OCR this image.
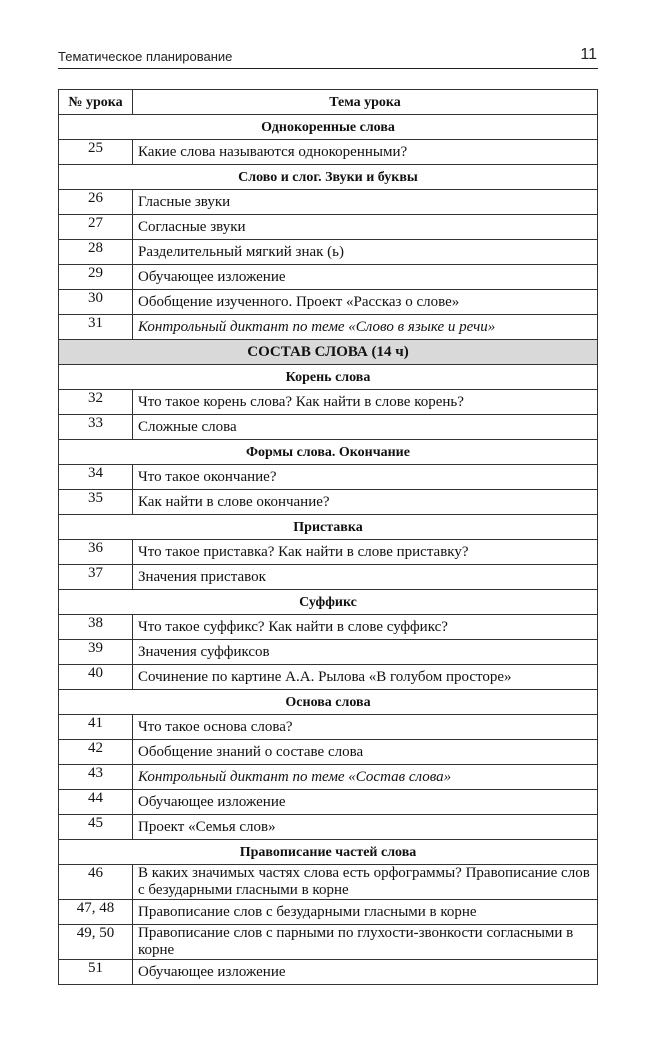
Тематическое планирование	11
№ урока	Тема урока
Однокоренные слова	
25	Какие слова называются однокоренными?
Слово и слог. Звуки и буквы	
26	Гласные звуки
27	Согласные звуки
28	Разделительный мягкий знак (ь)
29	Обучающее изложение
30	Обобщение изученного. Проект «Рассказ о слове»
31	Контрольный диктант по теме «Слово в языке и речи»
СОСТАВ СЛОВА (14 ч)	
Корень слова	
32	Что такое корень слова? Как найти в слове корень?
33	Сложные слова
Формы слова. Окончание	
34	Что такое окончание?
35	Как найти в слове окончание?
Приставка	
36	Что такое приставка? Как найти в слове приставку?
37	Значения приставок
Суффикс	
38	Что такое суффикс? Как найти в слове суффикс?
39	Значения суффиксов
40	Сочинение по картине А.А. Рылова «В голубом просторе»
Основа слова	
41	Что такое основа слова?
42	Обобщение знаний о составе слова
43	Контрольный диктант по теме «Состав слова»
44	Обучающее изложение
45	Проект «Семья слов»
Правописание частей слова	
46	В каких значимых частях слова есть орфограммы? Правописание слов с безударными гласными в корне
47, 48	Правописание слов с безударными гласными в корне
49, 50	Правописание слов с парными по глухости-звонкости согласными в корне
51	Обучающее изложение
